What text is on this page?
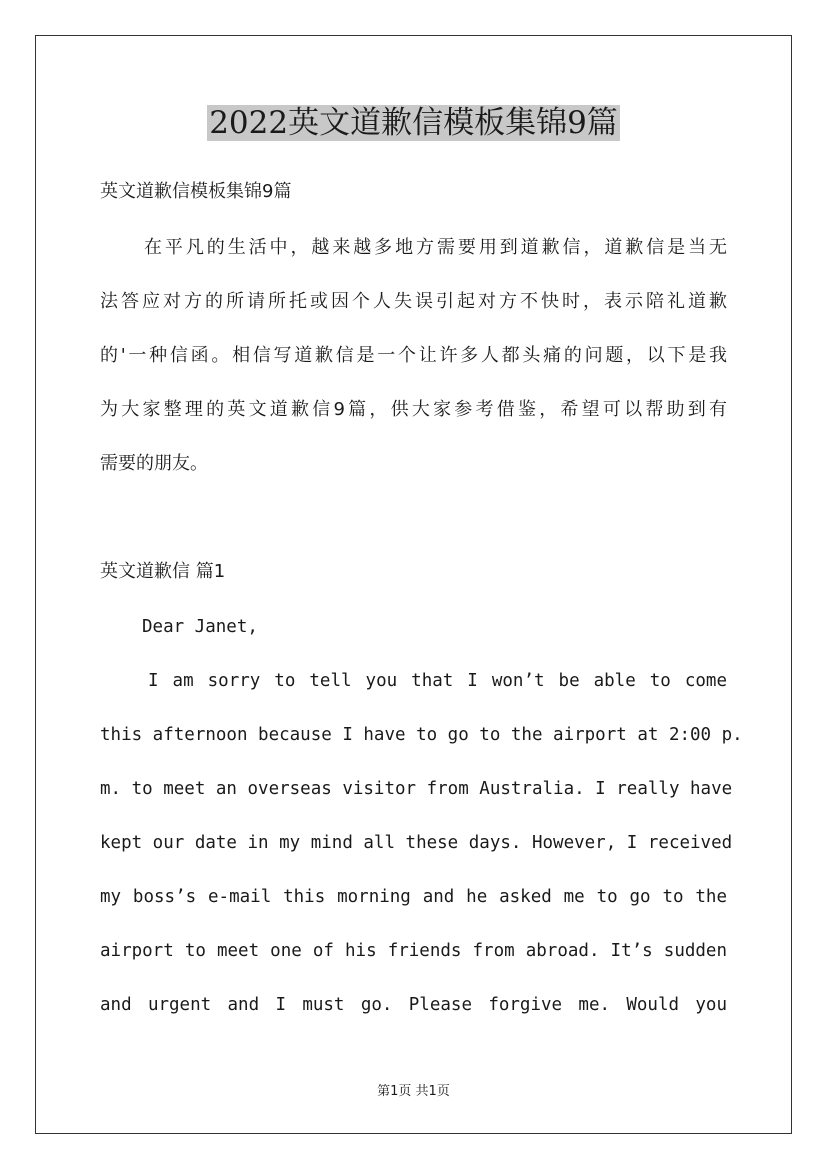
2022英文道歉信模板集锦9篇
英文道歉信模板集锦9篇
在平凡的生活中，越来越多地方需要用到道歉信，道歉信是当无
法答应对方的所请所托或因个人失误引起对方不快时，表示陪礼道歉
的'一种信函。相信写道歉信是一个让许多人都头痛的问题，以下是我
为大家整理的英文道歉信9篇，供大家参考借鉴，希望可以帮助到有
需要的朋友。
英文道歉信 篇1
Dear Janet,
I am sorry to tell you that I won’t be able to come
this afternoon because I have to go to the airport at 2:00 p.
m. to meet an overseas visitor from Australia. I really have
kept our date in my mind all these days. However, I received
my boss’s e-mail this morning and he asked me to go to the
airport to meet one of his friends from abroad. It’s sudden
and urgent and I must go. Please forgive me. Would you
第1页 共1页
